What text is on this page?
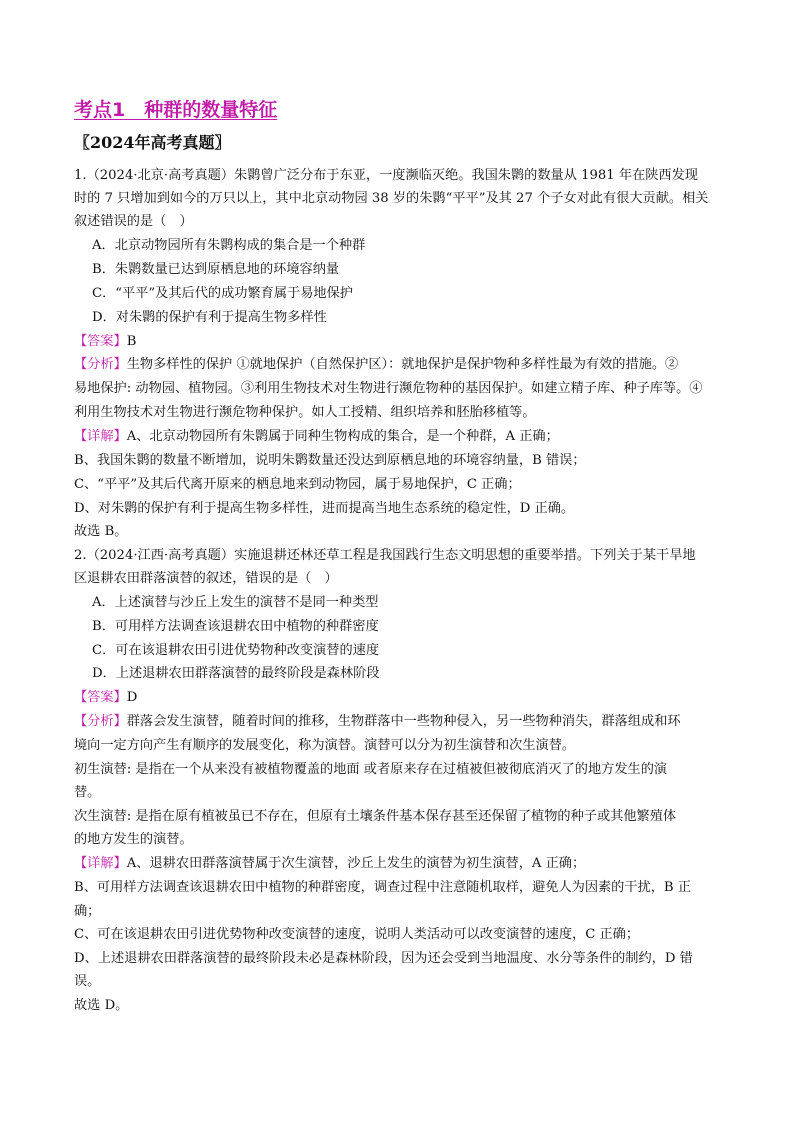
考点1　种群的数量特征
〖2024年高考真题〗
1.（2024·北京·高考真题）朱鹮曾广泛分布于东亚，一度濒临灭绝。我国朱鹮的数量从 1981 年在陕西发现
时的 7 只增加到如今的万只以上，其中北京动物园 38 岁的朱鹮“平平”及其 27 个子女对此有很大贡献。相关
叙述错误的是（　）
A．北京动物园所有朱鹮构成的集合是一个种群
B．朱鹮数量已达到原栖息地的环境容纳量
C．“平平”及其后代的成功繁育属于易地保护
D．对朱鹮的保护有利于提高生物多样性
【答案】B
【分析】生物多样性的保护 ①就地保护（自然保护区）：就地保护是保护物种多样性最为有效的措施。②
易地保护: 动物园、植物园。③利用生物技术对生物进行濒危物种的基因保护。如建立精子库、种子库等。④
利用生物技术对生物进行濒危物种保护。如人工授精、组织培养和胚胎移植等。
【详解】A、北京动物园所有朱鹮属于同种生物构成的集合，是一个种群，A 正确；
B、我国朱鹮的数量不断增加，说明朱鹮数量还没达到原栖息地的环境容纳量，B 错误；
C、“平平”及其后代离开原来的栖息地来到动物园，属于易地保护，C 正确；
D、对朱鹮的保护有利于提高生物多样性，进而提高当地生态系统的稳定性，D 正确。
故选 B。
2.（2024·江西·高考真题）实施退耕还林还草工程是我国践行生态文明思想的重要举措。下列关于某干旱地
区退耕农田群落演替的叙述，错误的是（　）
A．上述演替与沙丘上发生的演替不是同一种类型
B．可用样方法调查该退耕农田中植物的种群密度
C．可在该退耕农田引进优势物种改变演替的速度
D．上述退耕农田群落演替的最终阶段是森林阶段
【答案】D
【分析】群落会发生演替，随着时间的推移，生物群落中一些物种侵入，另一些物种消失，群落组成和环
境向一定方向产生有顺序的发展变化，称为演替。演替可以分为初生演替和次生演替。
初生演替: 是指在一个从来没有被植物覆盖的地面 或者原来存在过植被但被彻底消灭了的地方发生的演
替。
次生演替: 是指在原有植被虽已不存在，但原有土壤条件基本保存甚至还保留了植物的种子或其他繁殖体
的地方发生的演替。
【详解】A、退耕农田群落演替属于次生演替，沙丘上发生的演替为初生演替，A 正确；
B、可用样方法调查该退耕农田中植物的种群密度，调查过程中注意随机取样，避免人为因素的干扰，B 正
确；
C、可在该退耕农田引进优势物种改变演替的速度，说明人类活动可以改变演替的速度，C 正确；
D、上述退耕农田群落演替的最终阶段未必是森林阶段，因为还会受到当地温度、水分等条件的制约，D 错
误。
故选 D。
